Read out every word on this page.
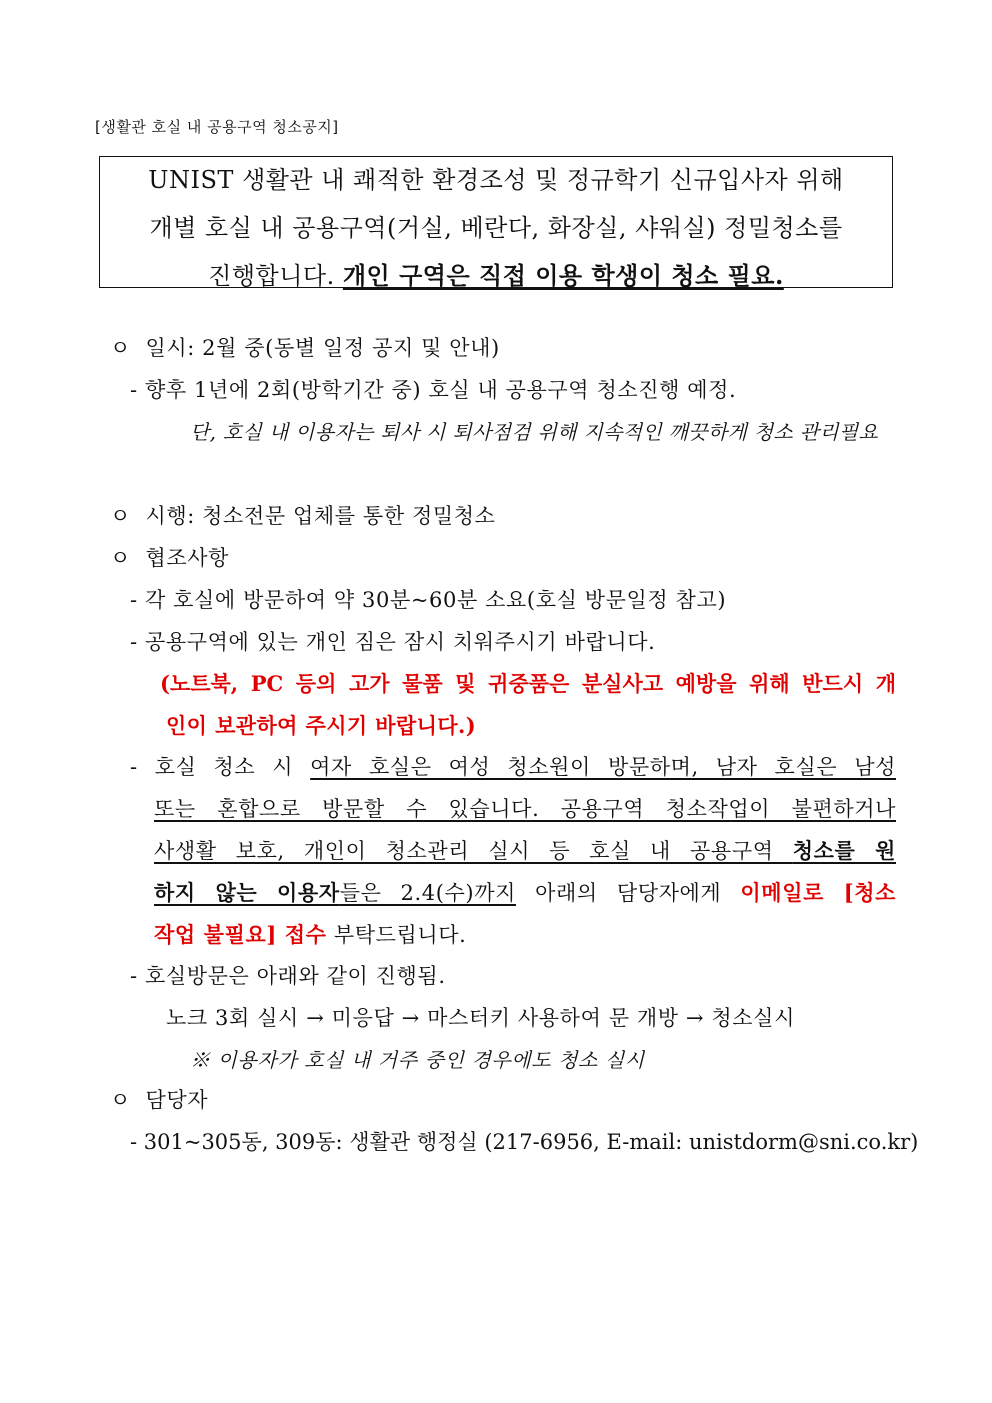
[생활관 호실 내 공용구역 청소공지]
UNIST 생활관 내 쾌적한 환경조성 및 정규학기 신규입사자 위해
개별 호실 내 공용구역(거실, 베란다, 화장실, 샤워실) 정밀청소를
진행합니다. 개인 구역은 직접 이용 학생이 청소 필요.
ㅇ 일시: 2월 중(동별 일정 공지 및 안내)
- 향후 1년에 2회(방학기간 중) 호실 내 공용구역 청소진행 예정.
단, 호실 내 이용자는 퇴사 시 퇴사점검 위해 지속적인 깨끗하게 청소 관리필요
ㅇ 시행: 청소전문 업체를 통한 정밀청소
ㅇ 협조사항
- 각 호실에 방문하여 약 30분~60분 소요(호실 방문일정 참고)
- 공용구역에 있는 개인 짐은 잠시 치워주시기 바랍니다.
(노트북, PC 등의 고가 물품 및 귀중품은 분실사고 예방을 위해 반드시 개
인이 보관하여 주시기 바랍니다.)
- 호실 청소 시 여자 호실은 여성 청소원이 방문하며, 남자 호실은 남성
또는 혼합으로 방문할 수 있습니다. 공용구역 청소작업이 불편하거나
사생활 보호, 개인이 청소관리 실시 등 호실 내 공용구역 청소를 원
하지 않는 이용자들은 2.4(수)까지 아래의 담당자에게 이메일로 [청소
작업 불필요] 접수 부탁드립니다.
- 호실방문은 아래와 같이 진행됨.
노크 3회 실시 → 미응답 → 마스터키 사용하여 문 개방 → 청소실시
※ 이용자가 호실 내 거주 중인 경우에도 청소 실시
ㅇ 담당자
- 301~305동, 309동: 생활관 행정실 (217-6956, E-mail: unistdorm@sni.co.kr)
